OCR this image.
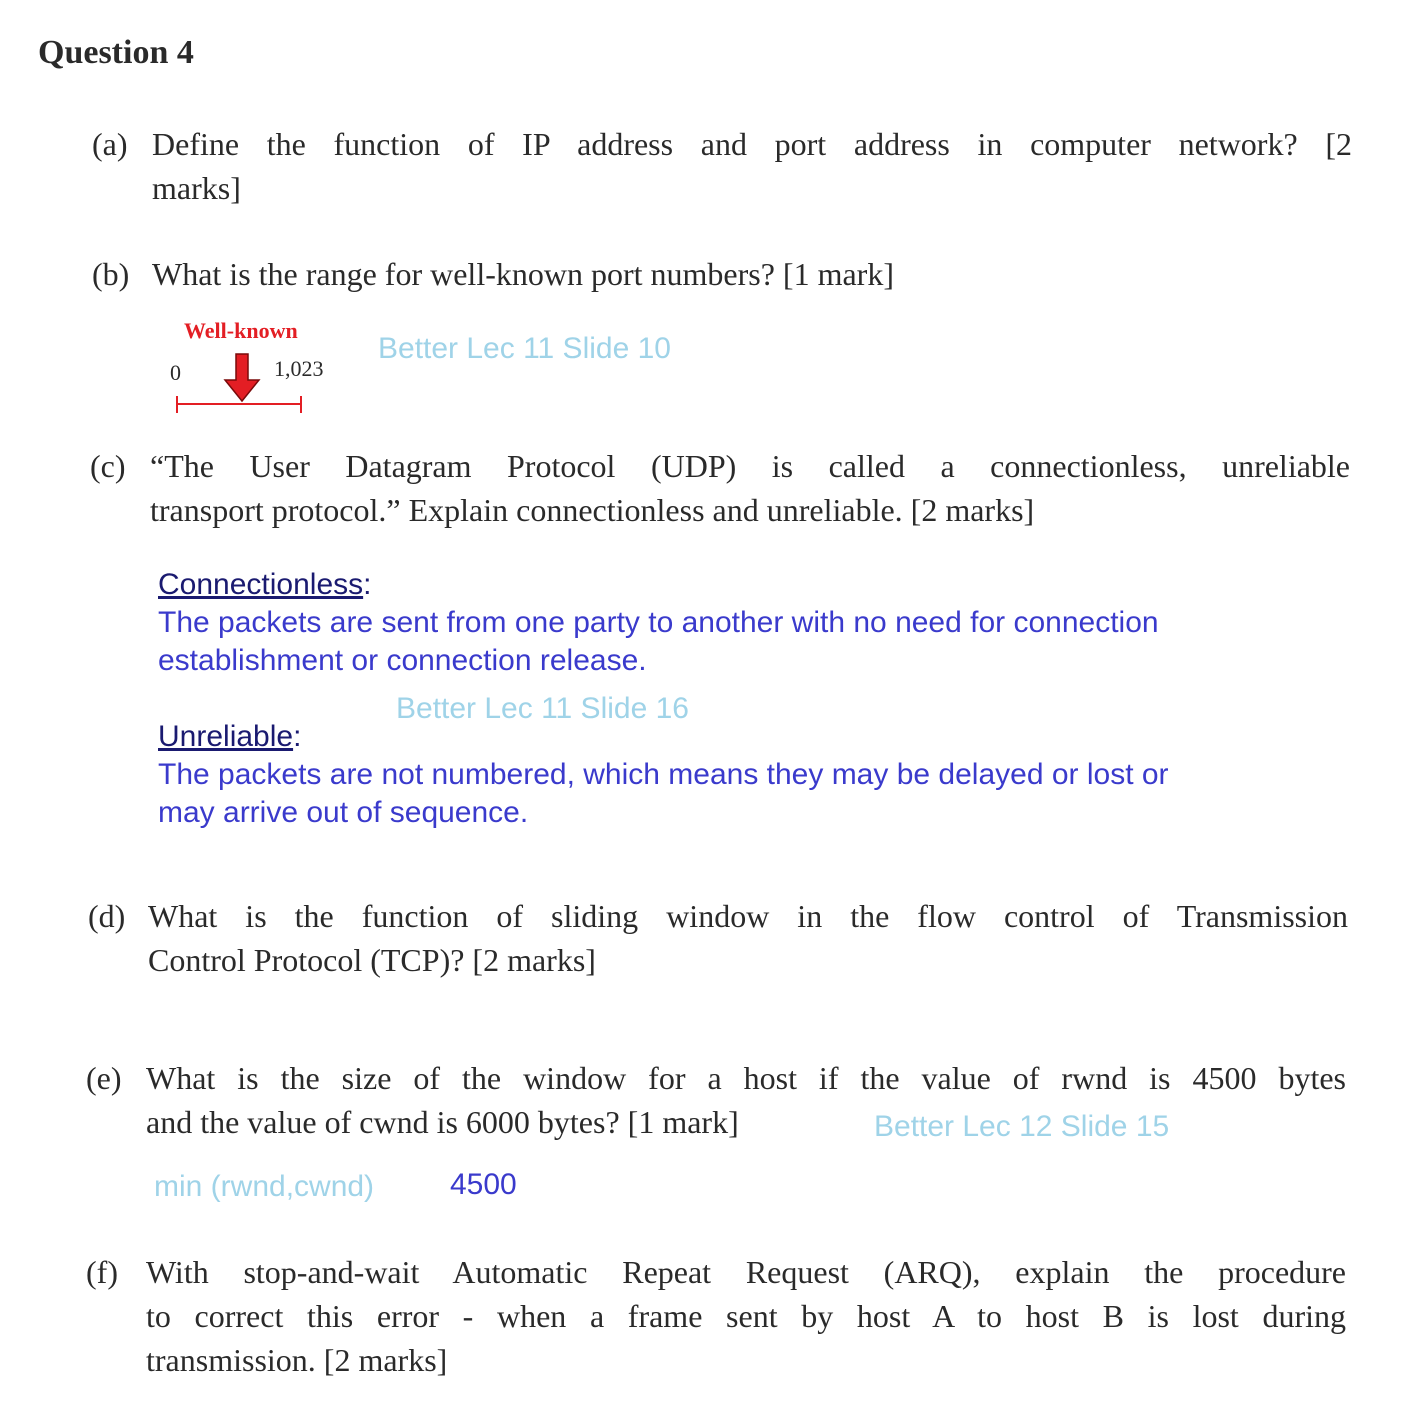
Question 4
(a) Define the function of IP address and port address in computer network? [2
marks]
(b) What is the range for well-known port numbers? [1 mark]
Well-known
0	1,023
Better Lec 11 Slide 10
(c) “The User Datagram Protocol (UDP) is called a connectionless, unreliable
transport protocol.” Explain connectionless and unreliable. [2 marks]
Connectionless:
The packets are sent from one party to another with no need for connection
establishment or connection release.
Better Lec 11 Slide 16
Unreliable:
The packets are not numbered, which means they may be delayed or lost or
may arrive out of sequence.
(d) What is the function of sliding window in the flow control of Transmission
Control Protocol (TCP)? [2 marks]
(e) What is the size of the window for a host if the value of rwnd is 4500 bytes
and the value of cwnd is 6000 bytes? [1 mark]	Better Lec 12 Slide 15
min (rwnd,cwnd)	4500
(f) With stop-and-wait Automatic Repeat Request (ARQ), explain the procedure
to correct this error - when a frame sent by host A to host B is lost during
transmission. [2 marks]
